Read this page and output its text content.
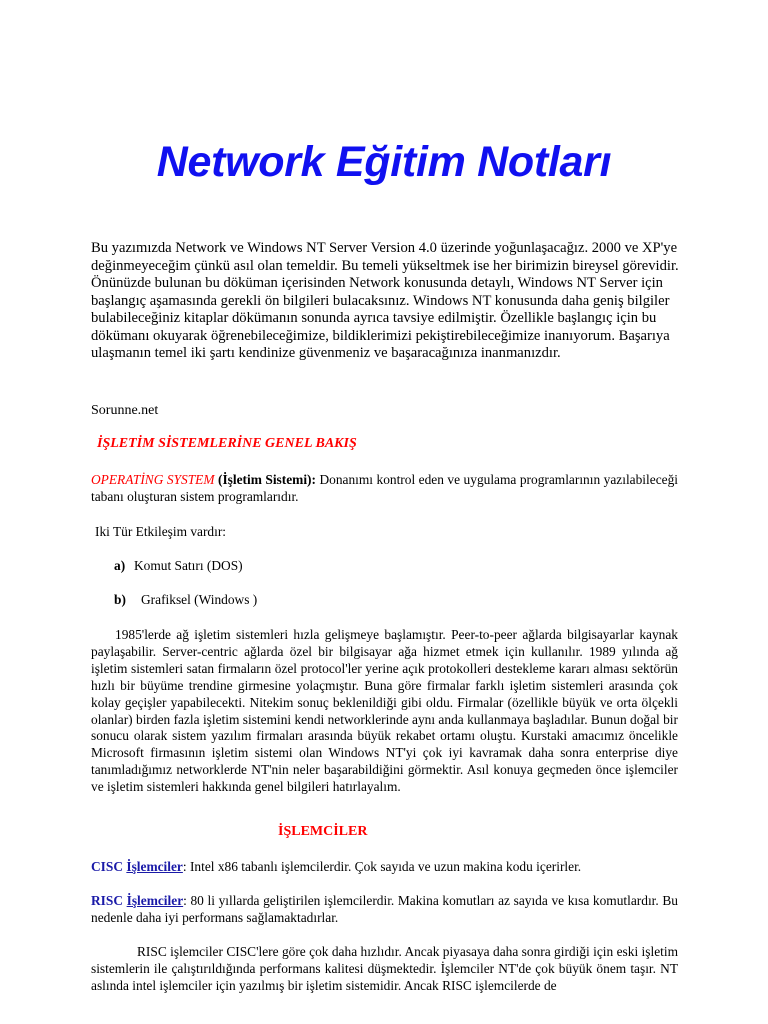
Network Eğitim Notları
Bu yazımızda Network ve Windows NT Server Version 4.0 üzerinde yoğunlaşacağız. 2000 ve XP'ye değinmeyeceğim çünkü asıl olan temeldir. Bu temeli yükseltmek ise her birimizin bireysel görevidir. Önünüzde bulunan bu döküman içerisinden Network konusunda detaylı, Windows NT Server için başlangıç aşamasında gerekli ön bilgileri bulacaksınız. Windows NT konusunda daha geniş bilgiler bulabileceğiniz kitaplar dökümanın sonunda ayrıca tavsiye edilmiştir. Özellikle başlangıç için bu dökümanı okuyarak öğrenebileceğimize, bildiklerimizi pekiştirebileceğimize inanıyorum. Başarıya ulaşmanın temel iki şartı kendinize güvenmeniz ve başaracağınıza inanmanızdır.
Sorunne.net
İŞLETİM SİSTEMLERİNE GENEL BAKIŞ
OPERATİNG SYSTEM (İşletim Sistemi): Donanımı kontrol eden ve uygulama programlarının yazılabileceği tabanı oluşturan sistem programlarıdır.
Iki Tür Etkileşim vardır:
a) Komut Satırı (DOS)
b) Grafiksel (Windows )
1985'lerde ağ işletim sistemleri hızla gelişmeye başlamıştır. Peer-to-peer ağlarda bilgisayarlar kaynak paylaşabilir. Server-centric ağlarda özel bir bilgisayar ağa hizmet etmek için kullanılır. 1989 yılında ağ işletim sistemleri satan firmaların özel protocol'ler yerine açık protokolleri destekleme kararı alması sektörün hızlı bir büyüme trendine girmesine yolaçmıştır. Buna göre firmalar farklı işletim sistemleri arasında çok kolay geçişler yapabilecekti. Nitekim sonuç beklenildiği gibi oldu. Firmalar (özellikle büyük ve orta ölçekli olanlar) birden fazla işletim sistemini kendi networklerinde aynı anda kullanmaya başladılar. Bunun doğal bir sonucu olarak sistem yazılım firmaları arasında büyük rekabet ortamı oluştu. Kurstaki amacımız öncelikle Microsoft firmasının işletim sistemi olan Windows NT'yi çok iyi kavramak daha sonra enterprise diye tanımladığımız networklerde NT'nin neler başarabildiğini görmektir. Asıl konuya geçmeden önce işlemciler ve işletim sistemleri hakkında genel bilgileri hatırlayalım.
İŞLEMCİLER
CISC İşlemciler: Intel x86 tabanlı işlemcilerdir. Çok sayıda ve uzun makina kodu içerirler.
RISC İşlemciler: 80 li yıllarda geliştirilen işlemcilerdir. Makina komutları az sayıda ve kısa komutlardır. Bu nedenle daha iyi performans sağlamaktadırlar.
RISC işlemciler CISC'lere göre çok daha hızlıdır. Ancak piyasaya daha sonra girdiği için eski işletim sistemlerin ile çalıştırıldığında performans kalitesi düşmektedir. İşlemciler NT'de çok büyük önem taşır. NT aslında intel işlemciler için yazılmış bir işletim sistemidir. Ancak RISC işlemcilerde de
